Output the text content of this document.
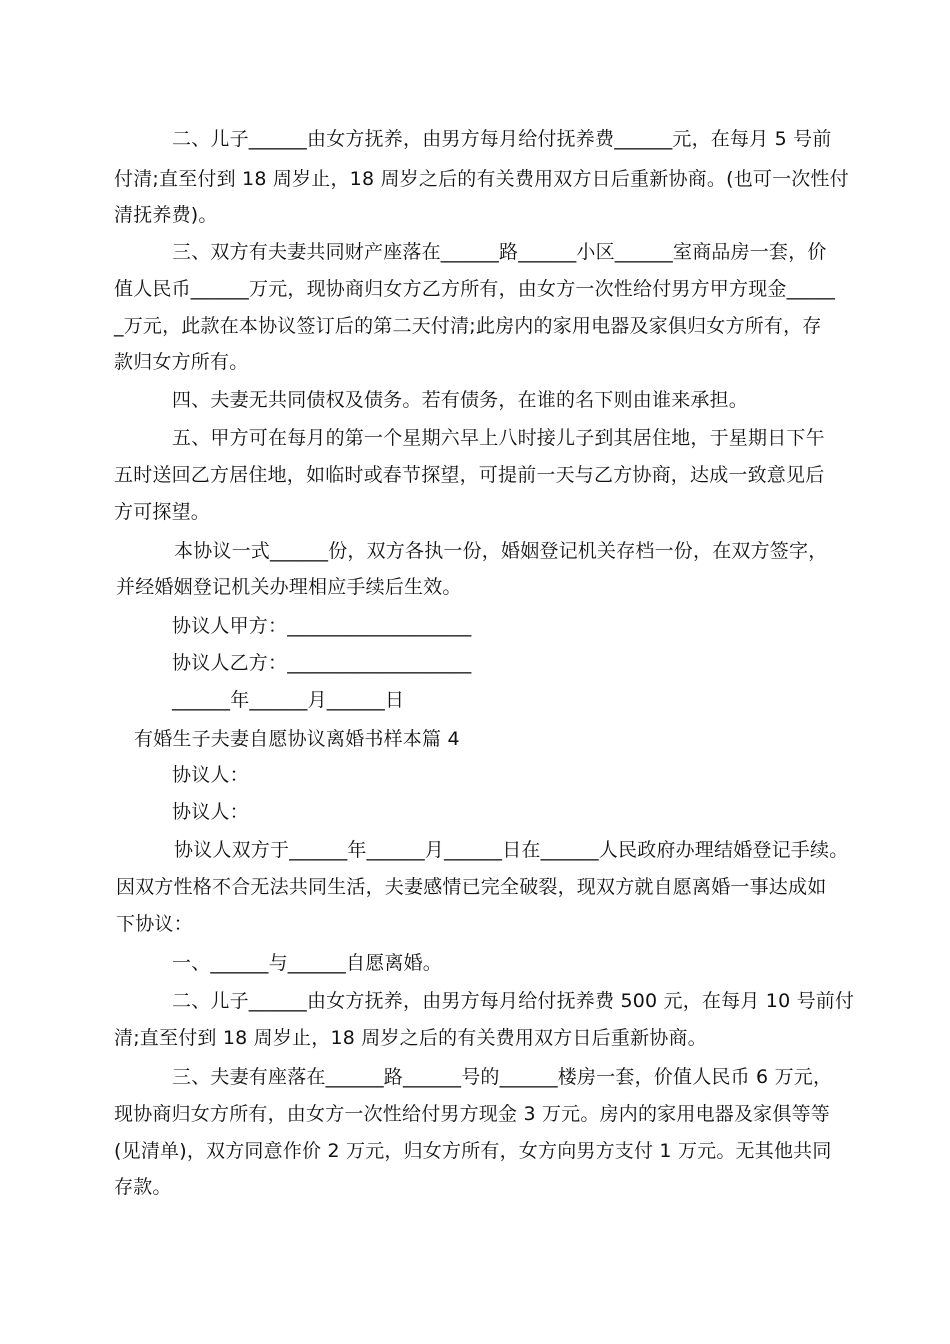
二、儿子______由女方抚养，由男方每月给付抚养费______元，在每月 5 号前
付清;直至付到 18 周岁止，18 周岁之后的有关费用双方日后重新协商。(也可一次性付
清抚养费)。
三、双方有夫妻共同财产座落在______路______小区______室商品房一套，价
值人民币______万元，现协商归女方乙方所有，由女方一次性给付男方甲方现金_____
_万元，此款在本协议签订后的第二天付清;此房内的家用电器及家俱归女方所有，存
款归女方所有。
四、夫妻无共同债权及债务。若有债务，在谁的名下则由谁来承担。
五、甲方可在每月的第一个星期六早上八时接儿子到其居住地，于星期日下午
五时送回乙方居住地，如临时或春节探望，可提前一天与乙方协商，达成一致意见后
方可探望。
本协议一式______份，双方各执一份，婚姻登记机关存档一份，在双方签字，
并经婚姻登记机关办理相应手续后生效。
协议人甲方：___________________
协议人乙方：___________________
______年______月______日
有婚生子夫妻自愿协议离婚书样本篇 4
协议人：
协议人：
协议人双方于______年______月______日在______人民政府办理结婚登记手续。
因双方性格不合无法共同生活，夫妻感情已完全破裂，现双方就自愿离婚一事达成如
下协议：
一、______与______自愿离婚。
二、儿子______由女方抚养，由男方每月给付抚养费 500 元，在每月 10 号前付
清;直至付到 18 周岁止，18 周岁之后的有关费用双方日后重新协商。
三、夫妻有座落在______路______号的______楼房一套，价值人民币 6 万元，
现协商归女方所有，由女方一次性给付男方现金 3 万元。房内的家用电器及家俱等等
(见清单)，双方同意作价 2 万元，归女方所有，女方向男方支付 1 万元。无其他共同
存款。
